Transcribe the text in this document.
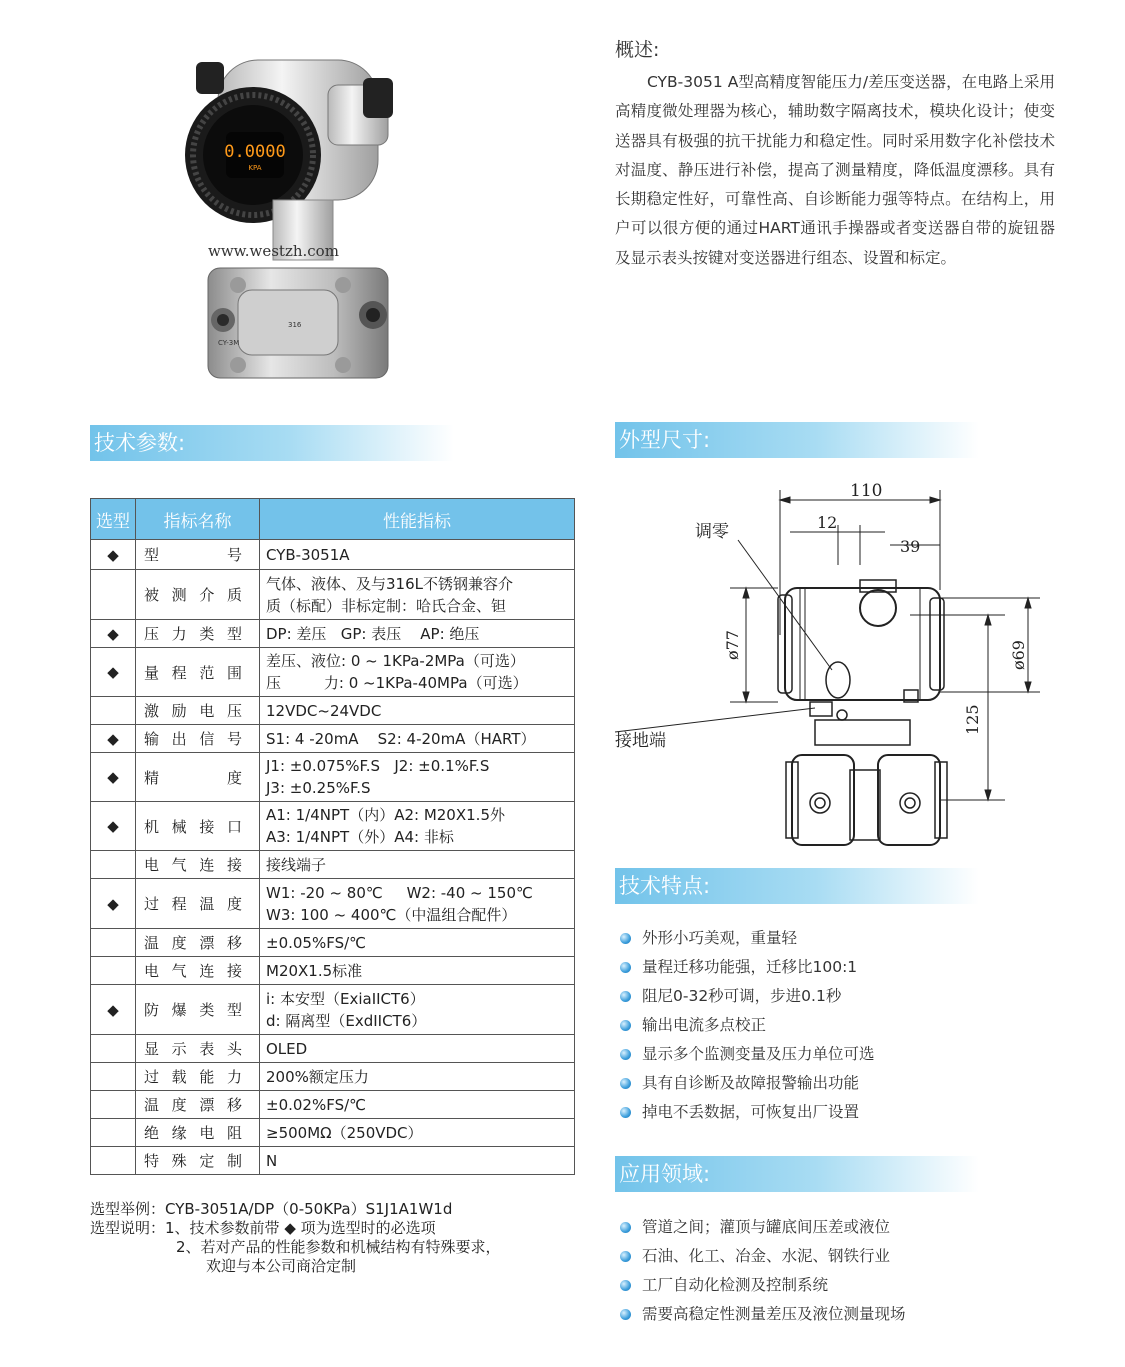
0.0000
KPA
www.westzh.com
CY-3M
316
概述:
CYB-3051 A型高精度智能压力/差压变送器，在电路上采用高精度微处理器为核心，辅助数字隔离技术，模块化设计；使变送器具有极强的抗干扰能力和稳定性。同时采用数字化补偿技术对温度、静压进行补偿，提高了测量精度，降低温度漂移。具有长期稳定性好，可靠性高、自诊断能力强等特点。在结构上，用户可以很方便的通过HART通讯手操器或者变送器自带的旋钮器及显示表头按键对变送器进行组态、设置和标定。
技术参数:	外型尺寸:
技术特点:
应用领域:
选型	指标名称	性能指标
◆	型号	CYB-3051A

	被测介质	气体、液体、及与316L不锈钢兼容介
质（标配）非标定制：哈氏合金、钽

◆	压力类型	DP: 差压   GP: 表压    AP: 绝压

◆	量程范围	差压、液位: 0 ~ 1KPa-2MPa（可选）
压         力: 0 ~1KPa-40MPa（可选）

	激励电压	12VDC~24VDC

◆	输出信号	S1: 4 -20mA    S2: 4-20mA（HART）

◆	精度	J1: ±0.075%F.S   J2: ±0.1%F.S
J3: ±0.25%F.S

◆	机械接口	A1: 1/4NPT（内）A2: M20X1.5外
A3: 1/4NPT（外）A4: 非标

	电气连接	接线端子

◆	过程温度	W1: -20 ~ 80℃     W2: -40 ~ 150℃
W3: 100 ~ 400℃（中温组合配件）

	温度漂移	±0.05%FS/℃

	电气连接	M20X1.5标准

◆	防爆类型	i: 本安型（ExiaIICT6）
d: 隔离型（ExdIICT6）

	显示表头	OLED

	过载能力	200%额定压力

	温度漂移	±0.02%FS/℃

	绝缘电阻	≥500MΩ（250VDC）

	特殊定制	N
选型举例：CYB-3051A/DP（0-50KPa）S1J1A1W1d
选型说明：1、技术参数前带 ◆ 项为选型时的必选项
2、若对产品的性能参数和机械结构有特殊要求，
欢迎与本公司商洽定制
110
12
39
ø77	ø69
125
调零
接地端
外形小巧美观，重量轻
量程迁移功能强，迁移比100:1
阻尼0-32秒可调，步进0.1秒
输出电流多点校正
显示多个监测变量及压力单位可选
具有自诊断及故障报警输出功能
掉电不丢数据，可恢复出厂设置
管道之间；灌顶与罐底间压差或液位
石油、化工、冶金、水泥、钢铁行业
工厂自动化检测及控制系统
需要高稳定性测量差压及液位测量现场
